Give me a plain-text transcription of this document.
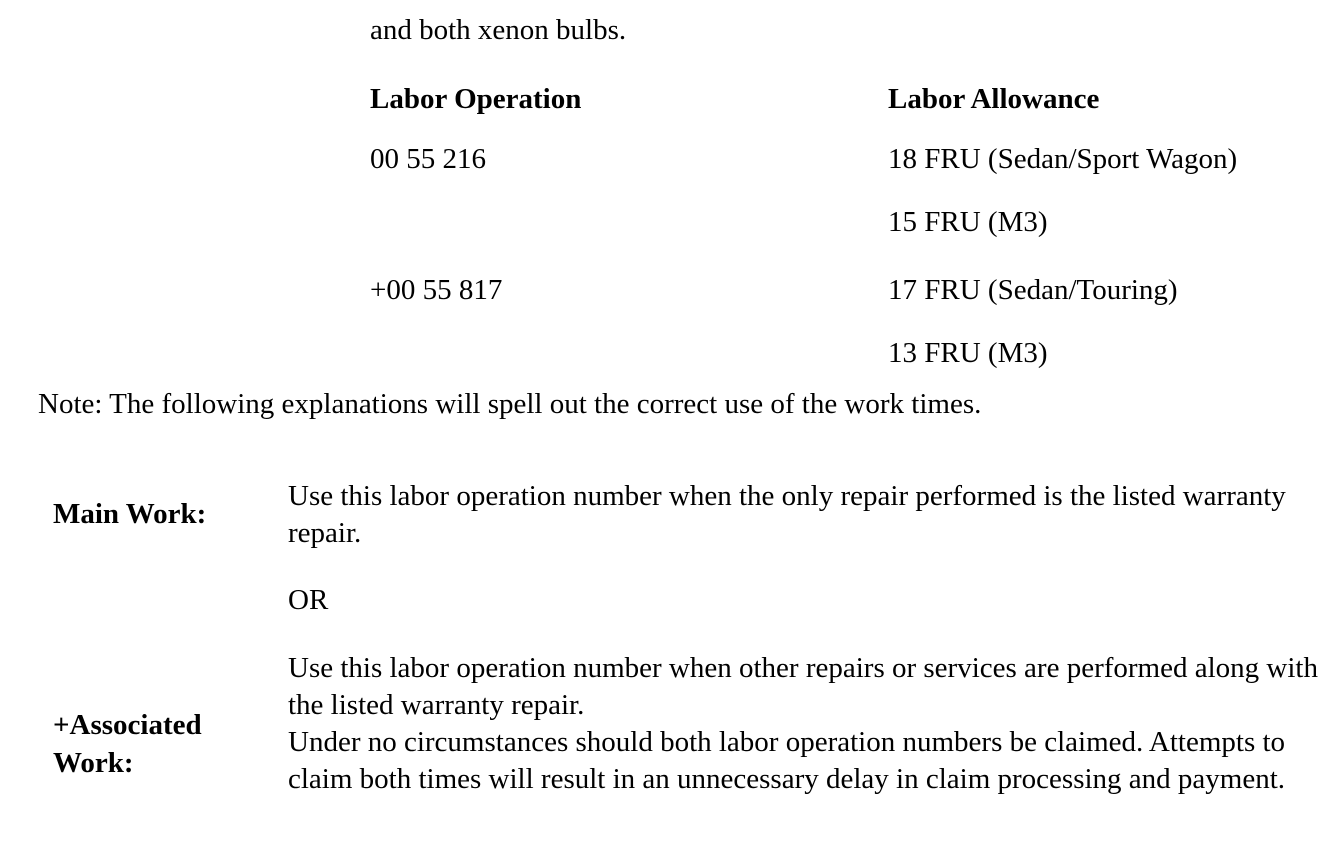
and both xenon bulbs.
Labor Operation	Labor Allowance
00 55 216	18 FRU (Sedan/Sport Wagon)
15 FRU (M3)
+00 55 817	17 FRU (Sedan/Touring)
13 FRU (M3)
Note: The following explanations will spell out the correct use of the work times.
Main Work:
Use this labor operation number when the only repair performed is the listed warranty repair.
OR
+Associated Work:

Use this labor operation number when other repairs or services are performed along with the listed warranty repair.

Under no circumstances should both labor operation numbers be claimed. Attempts to claim both times will result in an unnecessary delay in claim processing and payment.
